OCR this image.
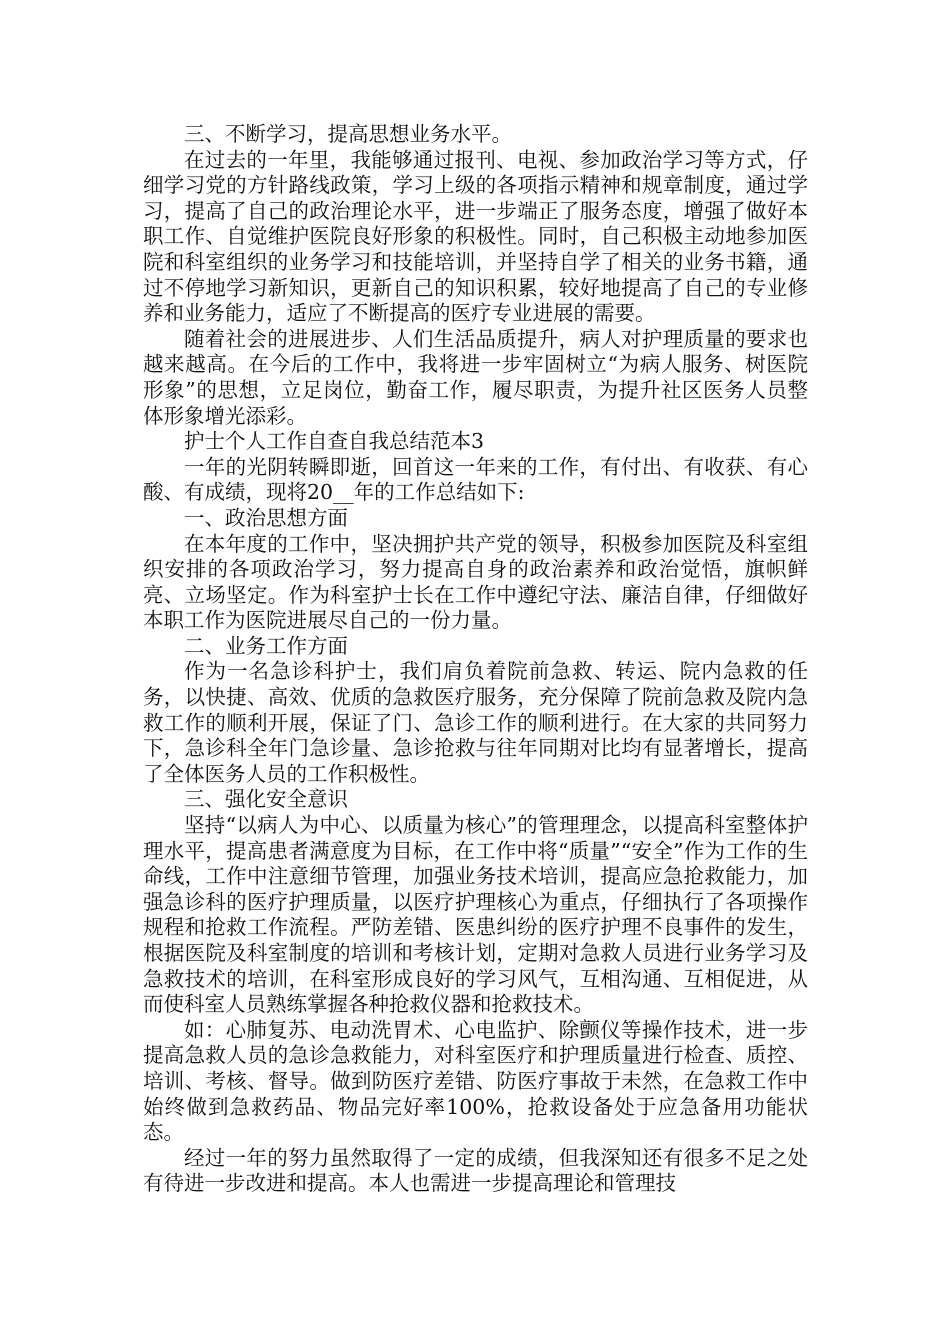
三、不断学习，提高思想业务水平。

在过去的一年里，我能够通过报刊、电视、参加政治学习等方式，仔细学习党的方针路线政策，学习上级的各项指示精神和规章制度，通过学习，提高了自己的政治理论水平，进一步端正了服务态度，增强了做好本职工作、自觉维护医院良好形象的积极性。同时，自己积极主动地参加医院和科室组织的业务学习和技能培训，并坚持自学了相关的业务书籍，通过不停地学习新知识，更新自己的知识积累，较好地提高了自己的专业修养和业务能力，适应了不断提高的医疗专业进展的需要。

随着社会的进展进步、人们生活品质提升，病人对护理质量的要求也越来越高。在今后的工作中，我将进一步牢固树立“为病人服务、树医院形象”的思想，立足岗位，勤奋工作，履尽职责，为提升社区医务人员整体形象增光添彩。

护士个人工作自查自我总结范本3

一年的光阴转瞬即逝，回首这一年来的工作，有付出、有收获、有心酸、有成绩，现将20__年的工作总结如下:

一、政治思想方面

在本年度的工作中，坚决拥护共产党的领导，积极参加医院及科室组织安排的各项政治学习，努力提高自身的政治素养和政治觉悟，旗帜鲜亮、立场坚定。作为科室护士长在工作中遵纪守法、廉洁自律，仔细做好本职工作为医院进展尽自己的一份力量。

二、业务工作方面

作为一名急诊科护士，我们肩负着院前急救、转运、院内急救的任务，以快捷、高效、优质的急救医疗服务，充分保障了院前急救及院内急救工作的顺利开展，保证了门、急诊工作的顺利进行。在大家的共同努力下，急诊科全年门急诊量、急诊抢救与往年同期对比均有显著增长，提高了全体医务人员的工作积极性。

三、强化安全意识

坚持“以病人为中心、以质量为核心”的管理理念，以提高科室整体护理水平，提高患者满意度为目标，在工作中将“质量”“安全”作为工作的生命线，工作中注意细节管理，加强业务技术培训，提高应急抢救能力，加强急诊科的医疗护理质量，以医疗护理核心为重点，仔细执行了各项操作规程和抢救工作流程。严防差错、医患纠纷的医疗护理不良事件的发生，根据医院及科室制度的培训和考核计划，定期对急救人员进行业务学习及急救技术的培训，在科室形成良好的学习风气，互相沟通、互相促进，从而使科室人员熟练掌握各种抢救仪器和抢救技术。

如：心肺复苏、电动洗胃术、心电监护、除颤仪等操作技术，进一步提高急救人员的急诊急救能力，对科室医疗和护理质量进行检查、质控、培训、考核、督导。做到防医疗差错、防医疗事故于未然，在急救工作中始终做到急救药品、物品完好率100%，抢救设备处于应急备用功能状态。

经过一年的努力虽然取得了一定的成绩，但我深知还有很多不足之处有待进一步改进和提高。本人也需进一步提高理论和管理技
